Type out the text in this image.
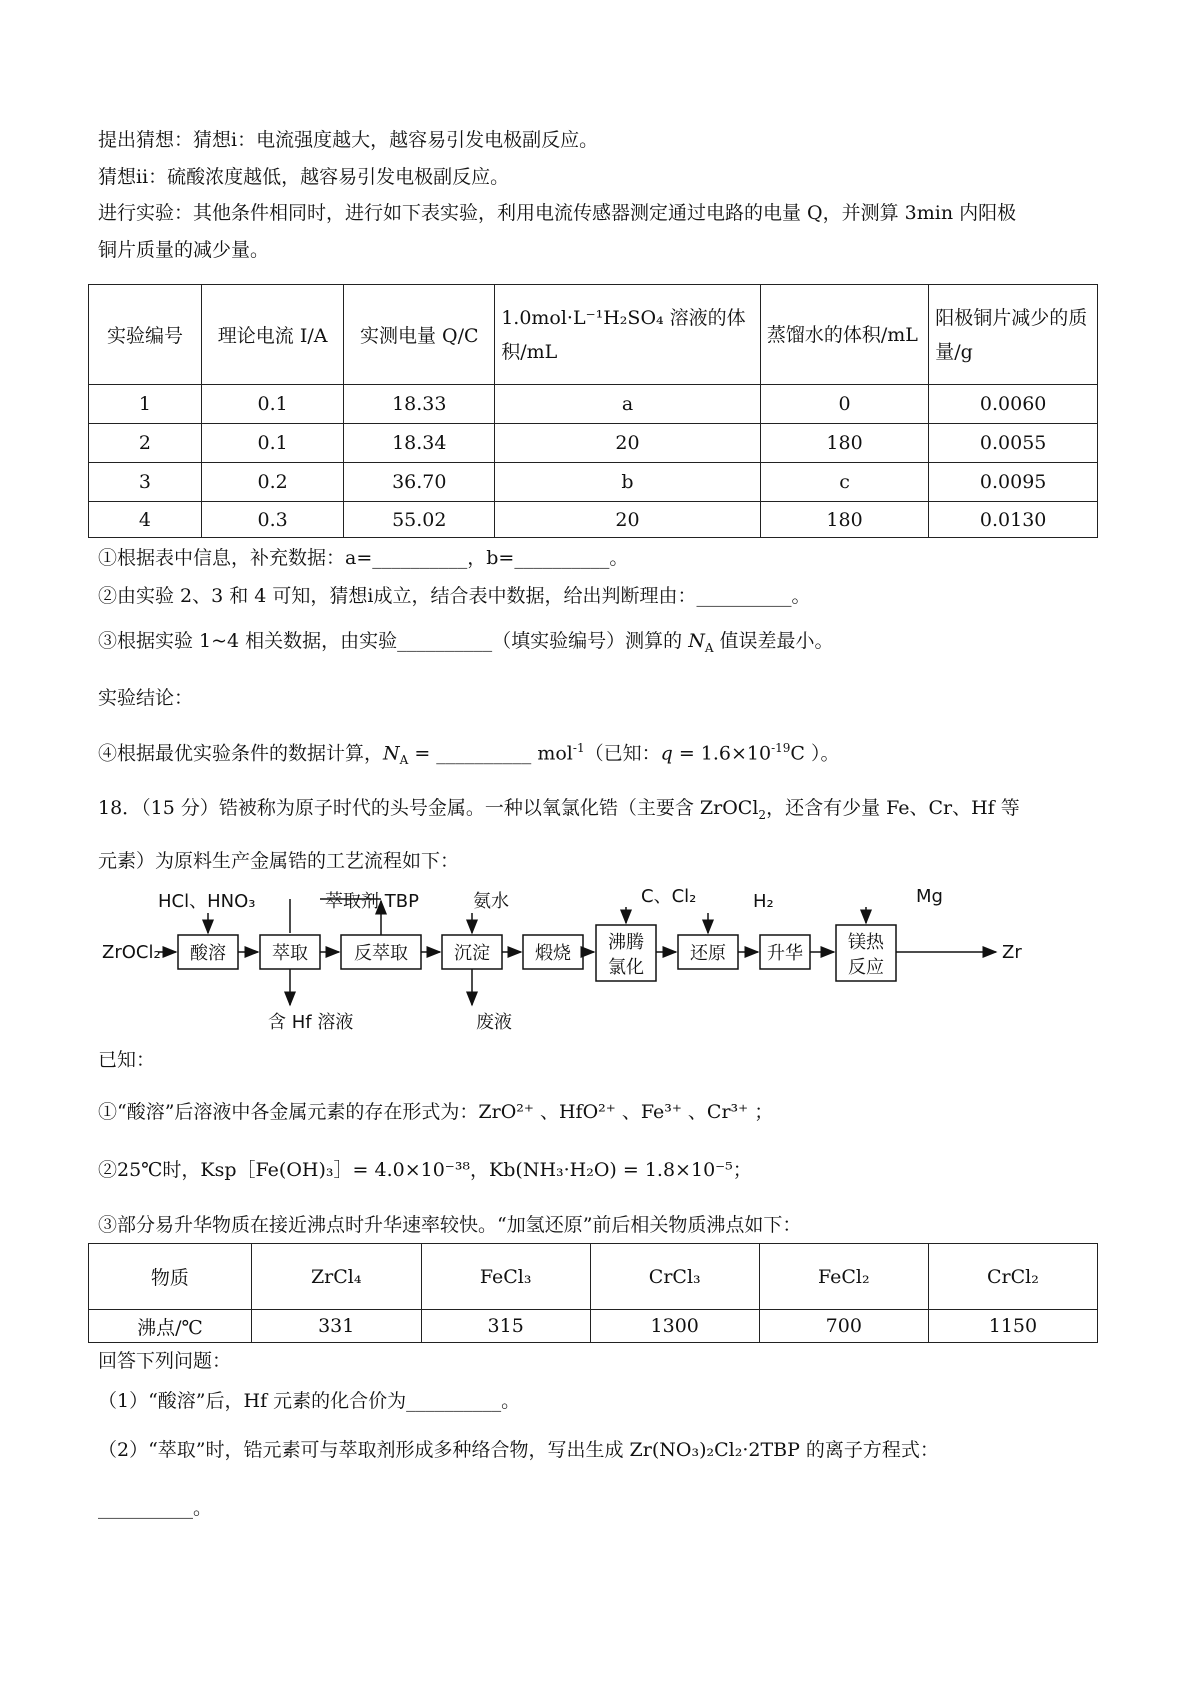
提出猜想：猜想ⅰ：电流强度越大，越容易引发电极副反应。
猜想ⅱ：硫酸浓度越低，越容易引发电极副反应。
进行实验：其他条件相同时，进行如下表实验，利用电流传感器测定通过电路的电量 Q，并测算 3min 内阳极
铜片质量的减少量。
实验编号	理论电流 I/A	实测电量 Q/C	1.0mol·L⁻¹H₂SO₄ 溶液的体积/mL	蒸馏水的体积/mL	阳极铜片减少的质量/g
1	0.1	18.33	a	0	0.0060
2	0.1	18.34	20	180	0.0055
3	0.2	36.70	b	c	0.0095
4	0.3	55.02	20	180	0.0130
①根据表中信息，补充数据：a=__________，b=__________。
②由实验 2、3 和 4 可知，猜想ⅰ成立，结合表中数据，给出判断理由：__________。
③根据实验 1~4 相关数据，由实验__________（填实验编号）测算的 $N_A$ 值误差最小。
实验结论：
④根据最优实验条件的数据计算，$N_A$ = __________ mol$^{-1}$（已知：$q = 1.6\times 10^{-19}C$ ）。
18．（15 分）锆被称为原子时代的头号金属。一种以氧氯化锆（主要含 ZrOCl$_2$，还含有少量 Fe、Cr、Hf 等
元素）为原料生产金属锆的工艺流程如下：
ZrOCl₂
HCl、HNO₃	萃取剂 TBP	氨水	C、Cl₂	H₂	Mg
含 Hf 溶液	废液
Zr
酸溶	萃取	反萃取	沉淀	煅烧
沸腾
氯化
还原 升华
镁热
反应
已知：
①“酸溶”后溶液中各金属元素的存在形式为：ZrO²⁺ 、HfO²⁺ 、Fe³⁺ 、Cr³⁺ ；
②25℃时，Ksp［Fe(OH)₃］= 4.0×10⁻³⁸，Kb(NH₃·H₂O) = 1.8×10⁻⁵；
③部分易升华物质在接近沸点时升华速率较快。“加氢还原”前后相关物质沸点如下：
物质	ZrCl₄	FeCl₃	CrCl₃	FeCl₂	CrCl₂
沸点/℃	331	315	1300	700	1150
回答下列问题：
（1）“酸溶”后，Hf 元素的化合价为__________。
（2）“萃取”时，锆元素可与萃取剂形成多种络合物，写出生成 Zr(NO₃)₂Cl₂·2TBP 的离子方程式：
__________。
